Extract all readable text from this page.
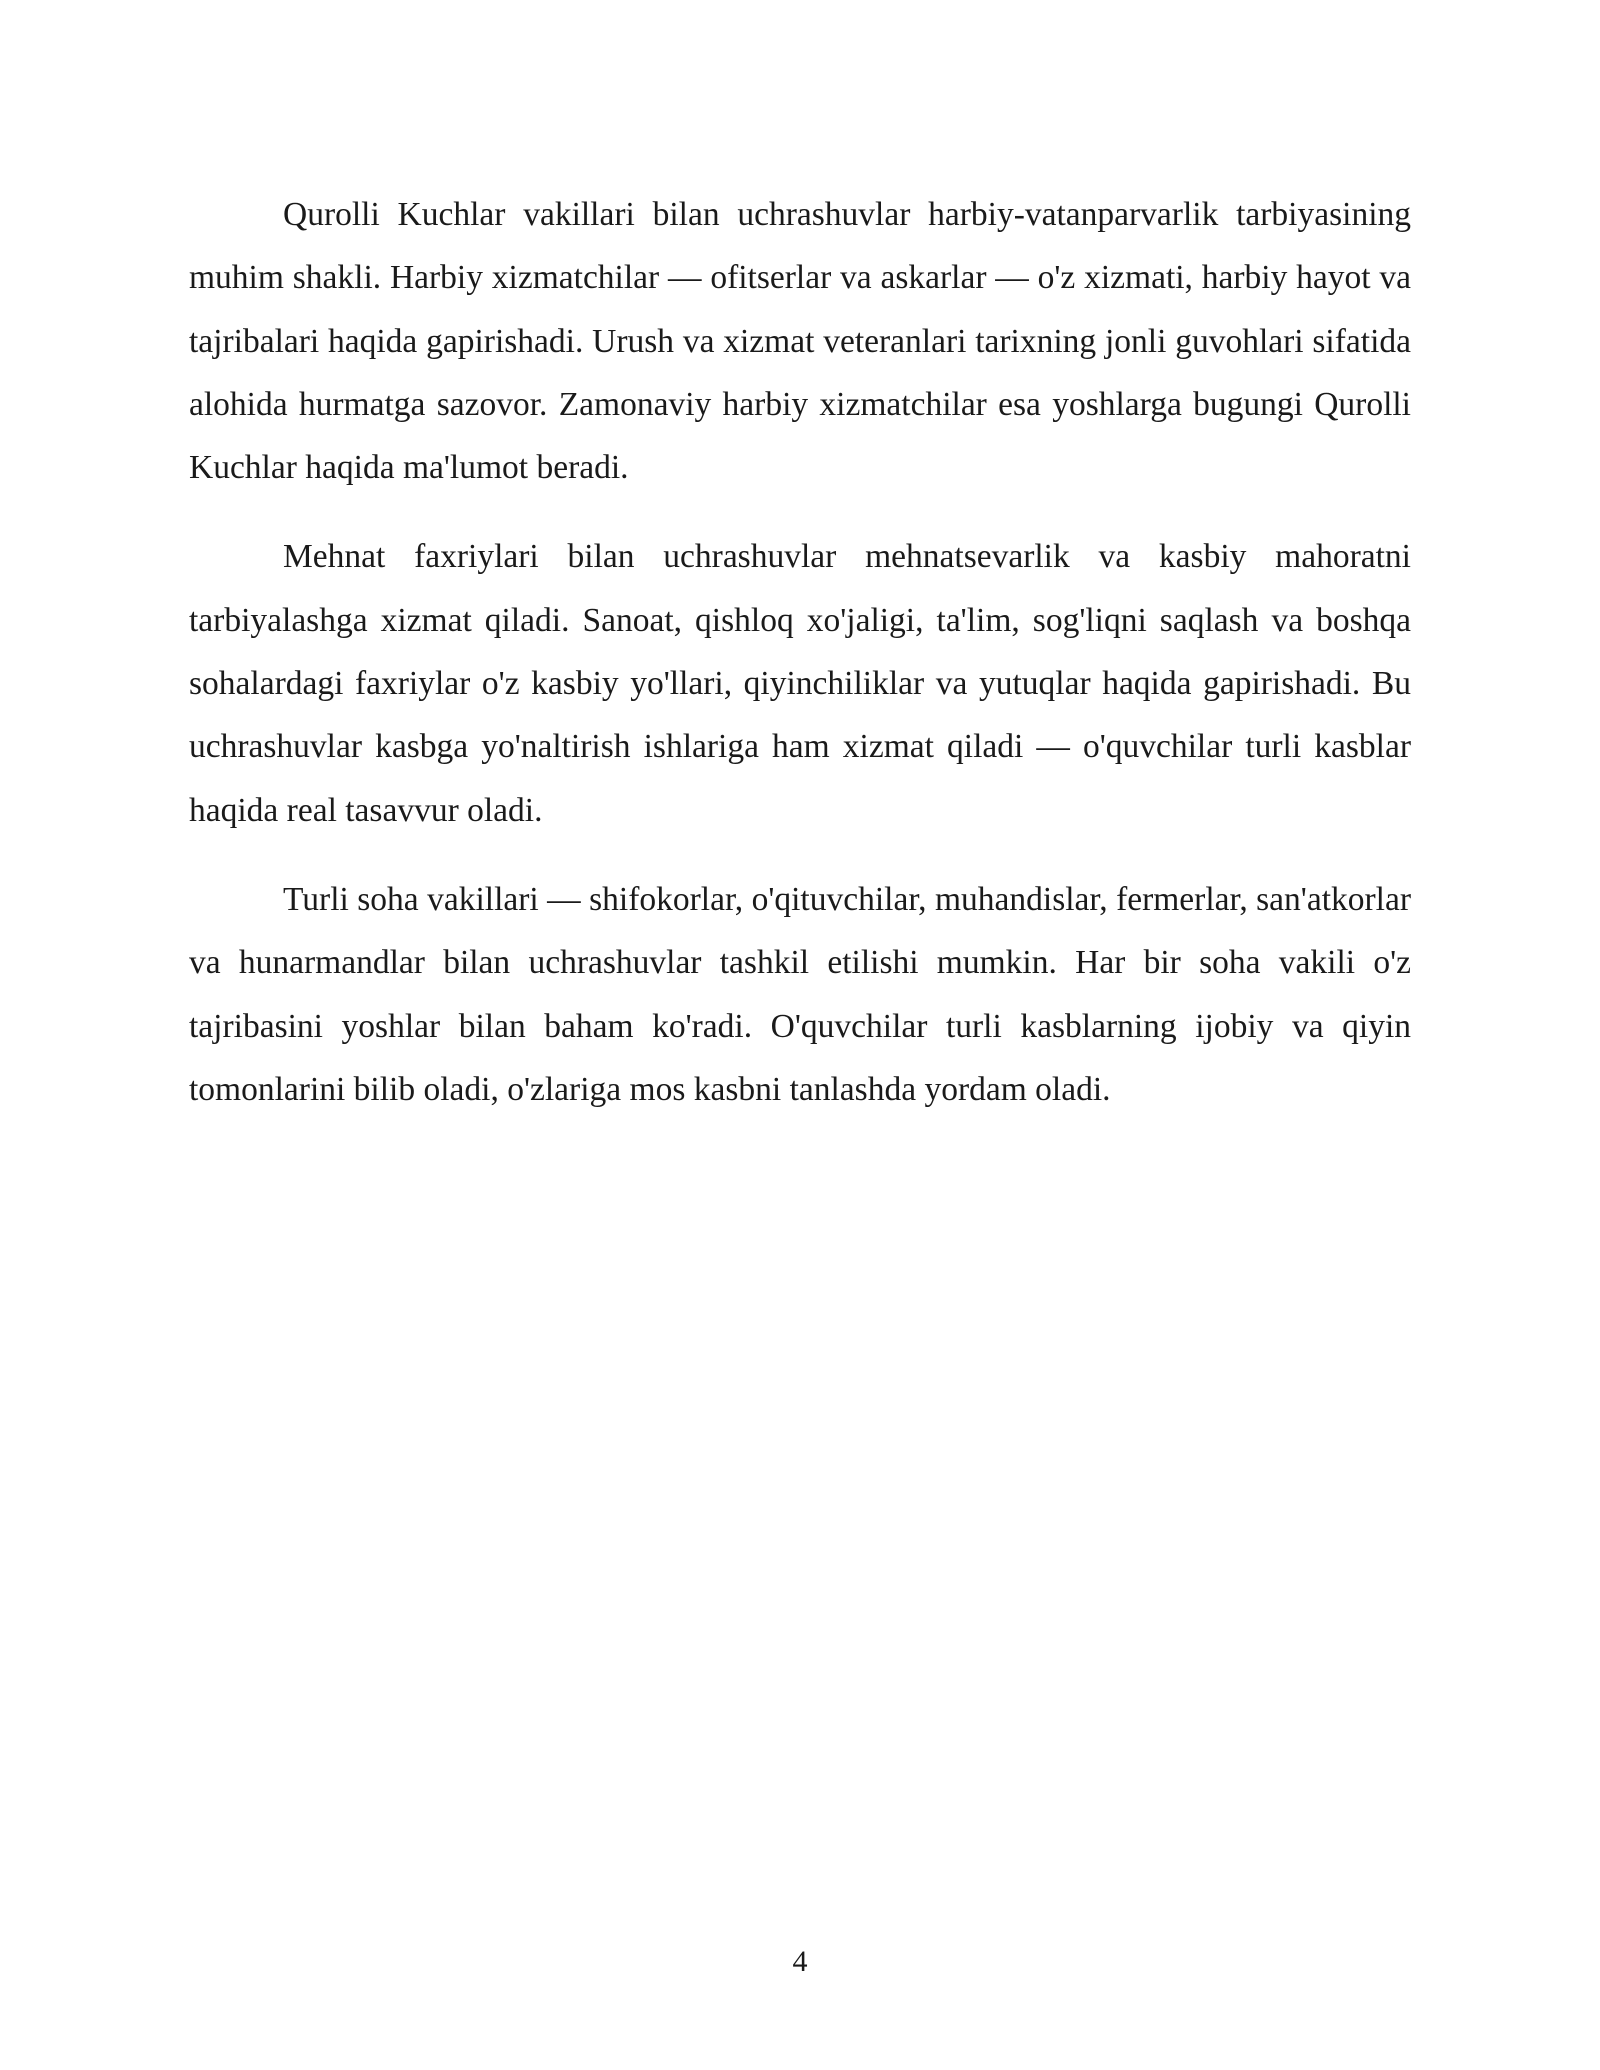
Qurolli Kuchlar vakillari bilan uchrashuvlar harbiy-vatanparvarlik tarbiyasining muhim shakli. Harbiy xizmatchilar — ofitserlar va askarlar — o'z xizmati, harbiy hayot va tajribalari haqida gapirishadi. Urush va xizmat veteranlari tarixning jonli guvohlari sifatida alohida hurmatga sazovor. Zamonaviy harbiy xizmatchilar esa yoshlarga bugungi Qurolli Kuchlar haqida ma'lumot beradi.

Mehnat faxriylari bilan uchrashuvlar mehnatsevarlik va kasbiy mahoratni tarbiyalashga xizmat qiladi. Sanoat, qishloq xo'jaligi, ta'lim, sog'liqni saqlash va boshqa sohalardagi faxriylar o'z kasbiy yo'llari, qiyinchiliklar va yutuqlar haqida gapirishadi. Bu uchrashuvlar kasbga yo'naltirish ishlariga ham xizmat qiladi — o'quvchilar turli kasblar haqida real tasavvur oladi.

Turli soha vakillari — shifokorlar, o'qituvchilar, muhandislar, fermerlar, san'atkorlar va hunarmandlar bilan uchrashuvlar tashkil etilishi mumkin. Har bir soha vakili o'z tajribasini yoshlar bilan baham ko'radi. O'quvchilar turli kasblarning ijobiy va qiyin tomonlarini bilib oladi, o'zlariga mos kasbni tanlashda yordam oladi.

4
